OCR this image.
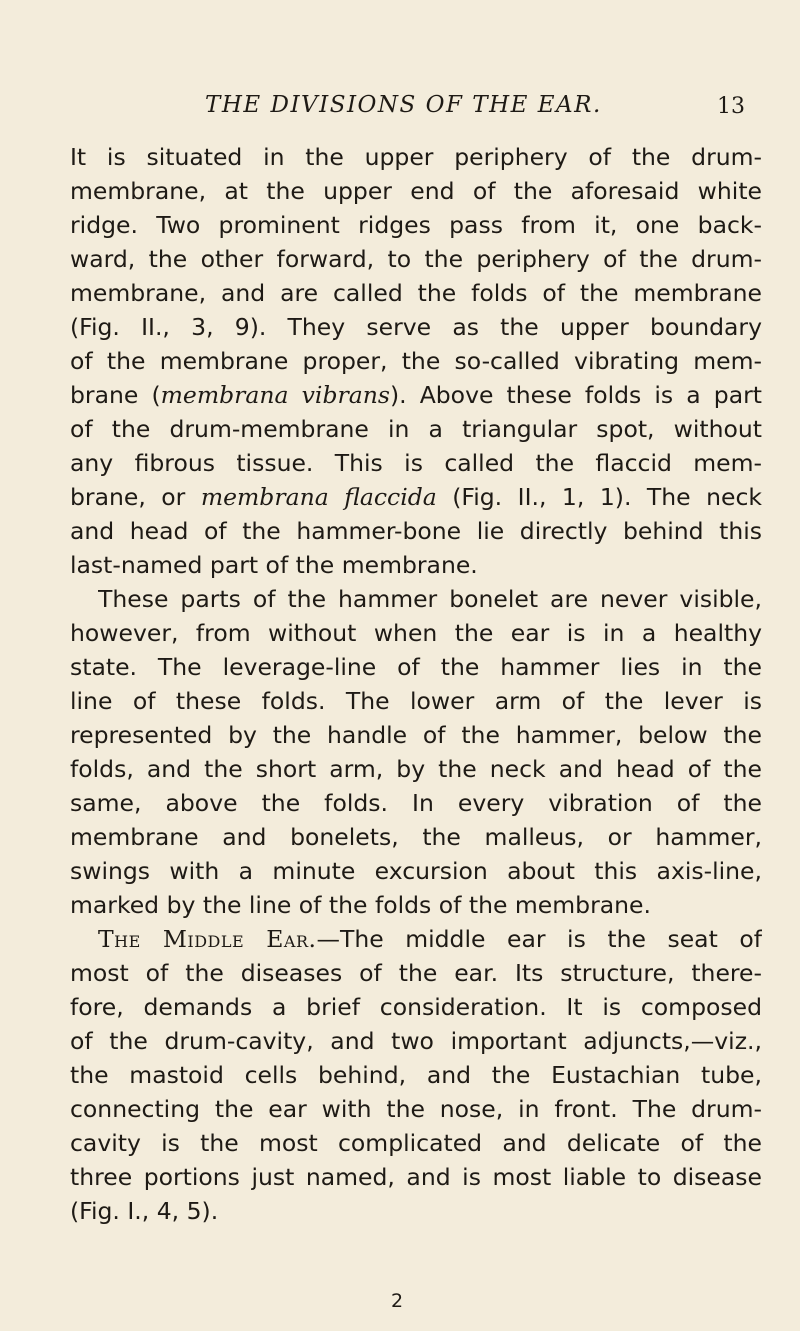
THE DIVISIONS OF THE EAR.	13
It is situated in the upper periphery of the drum-
membrane, at the upper end of the aforesaid white
ridge. Two prominent ridges pass from it, one back-
ward, the other forward, to the periphery of the drum-
membrane, and are called the folds of the membrane
(Fig. II., 3, 9). They serve as the upper boundary
of the membrane proper, the so-called vibrating mem-
brane (membrana vibrans). Above these folds is a part
of the drum-membrane in a triangular spot, without
any fibrous tissue. This is called the flaccid mem-
brane, or membrana flaccida (Fig. II., 1, 1). The neck
and head of the hammer-bone lie directly behind this
last-named part of the membrane.
These parts of the hammer bonelet are never visible,
however, from without when the ear is in a healthy
state. The leverage-line of the hammer lies in the
line of these folds. The lower arm of the lever is
represented by the handle of the hammer, below the
folds, and the short arm, by the neck and head of the
same, above the folds. In every vibration of the
membrane and bonelets, the malleus, or hammer,
swings with a minute excursion about this axis-line,
marked by the line of the folds of the membrane.
The Middle Ear.—The middle ear is the seat of
most of the diseases of the ear. Its structure, there-
fore, demands a brief consideration. It is composed
of the drum-cavity, and two important adjuncts,—viz.,
the mastoid cells behind, and the Eustachian tube,
connecting the ear with the nose, in front. The drum-
cavity is the most complicated and delicate of the
three portions just named, and is most liable to disease
(Fig. I., 4, 5).
2
